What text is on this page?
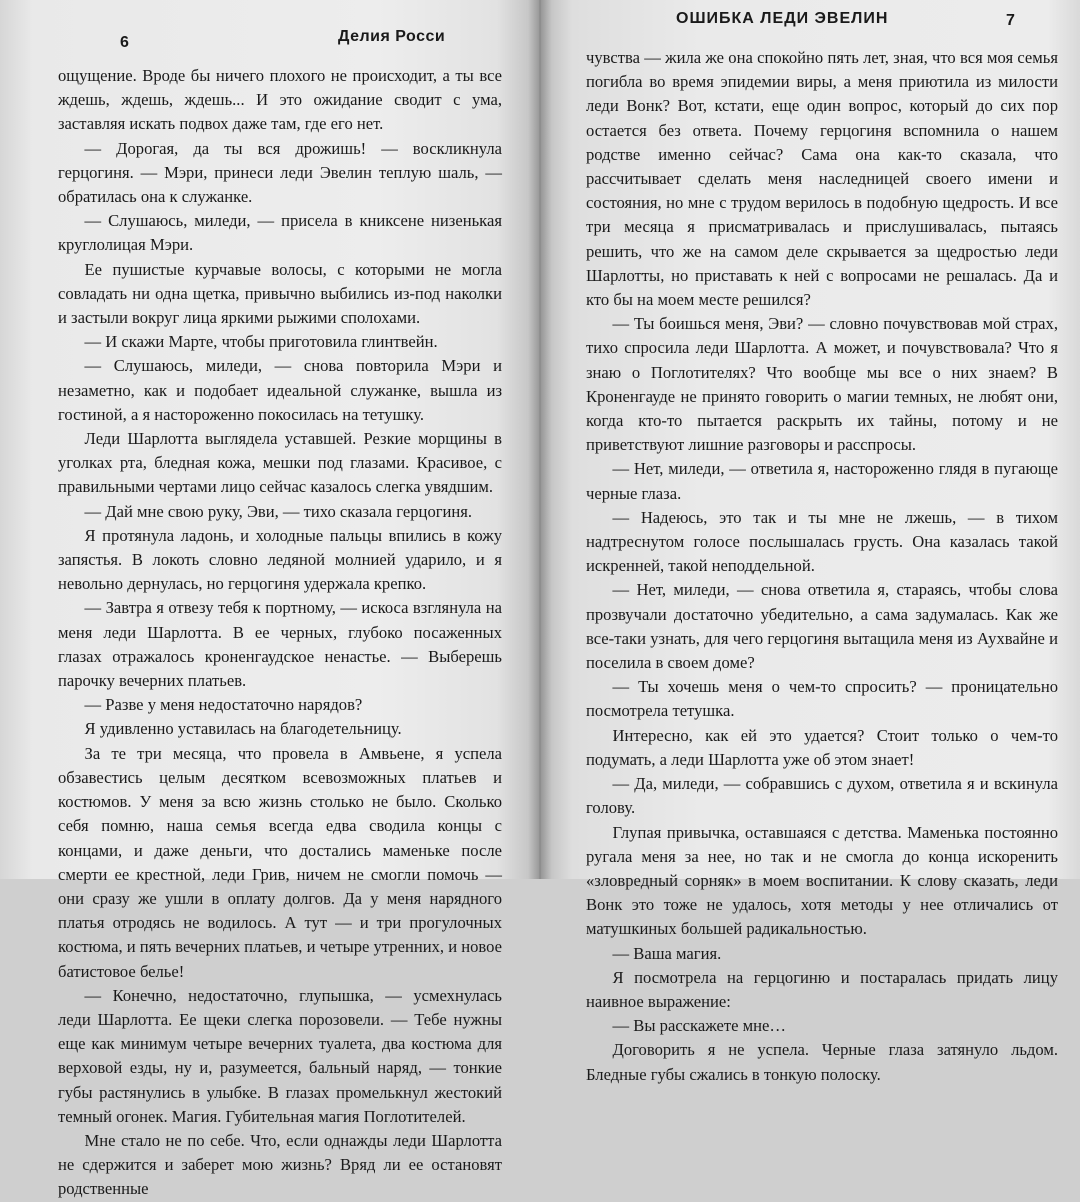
6	Делия Росси

ощущение. Вроде бы ничего плохого не происходит, а ты все ждешь, ждешь, ждешь... И это ожидание сводит с ума, заставляя искать подвох даже там, где его нет.

— Дорогая, да ты вся дрожишь! — воскликнула герцогиня. — Мэри, принеси леди Эвелин теплую шаль, — обратилась она к служанке.

— Слушаюсь, миледи, — присела в книксене низенькая круглолицая Мэри.

Ее пушистые курчавые волосы, с которыми не могла совладать ни одна щетка, привычно выбились из-под наколки и застыли вокруг лица яркими рыжими сполохами.

— И скажи Марте, чтобы приготовила глинтвейн.

— Слушаюсь, миледи, — снова повторила Мэри и незаметно, как и подобает идеальной служанке, вышла из гостиной, а я настороженно покосилась на тетушку.

Леди Шарлотта выглядела уставшей. Резкие морщины в уголках рта, бледная кожа, мешки под глазами. Красивое, с правильными чертами лицо сейчас казалось слегка увядшим.

— Дай мне свою руку, Эви, — тихо сказала герцогиня.

Я протянула ладонь, и холодные пальцы впились в кожу запястья. В локоть словно ледяной молнией ударило, и я невольно дернулась, но герцогиня удержала крепко.

— Завтра я отвезу тебя к портному, — искоса взглянула на меня леди Шарлотта. В ее черных, глубоко посаженных глазах отражалось кроненгаудское ненастье. — Выберешь парочку вечерних платьев.

— Разве у меня недостаточно нарядов?

Я удивленно уставилась на благодетельницу.

За те три месяца, что провела в Амвьене, я успела обзавестись целым десятком всевозможных платьев и костюмов. У меня за всю жизнь столько не было. Сколько себя помню, наша семья всегда едва сводила концы с концами, и даже деньги, что достались маменьке после смерти ее крестной, леди Грив, ничем не смогли помочь — они сразу же ушли в оплату долгов. Да у меня нарядного платья отродясь не водилось. А тут — и три прогулочных костюма, и пять вечерних платьев, и четыре утренних, и новое батистовое белье!

— Конечно, недостаточно, глупышка, — усмехнулась леди Шарлотта. Ее щеки слегка порозовели. — Тебе нужны еще как минимум четыре вечерних туалета, два костюма для верховой езды, ну и, разумеется, бальный наряд, — тонкие губы растянулись в улыбке. В глазах промелькнул жестокий темный огонек. Магия. Губительная магия Поглотителей.

Мне стало не по себе. Что, если однажды леди Шарлотта не сдержится и заберет мою жизнь? Вряд ли ее остановят родственные

ОШИБКА ЛЕДИ ЭВЕЛИН	7

чувства — жила же она спокойно пять лет, зная, что вся моя семья погибла во время эпидемии виры, а меня приютила из милости леди Вонк? Вот, кстати, еще один вопрос, который до сих пор остается без ответа. Почему герцогиня вспомнила о нашем родстве именно сейчас? Сама она как-то сказала, что рассчитывает сделать меня наследницей своего имени и состояния, но мне с трудом верилось в подобную щедрость. И все три месяца я присматривалась и прислушивалась, пытаясь решить, что же на самом деле скрывается за щедростью леди Шарлотты, но приставать к ней с вопросами не решалась. Да и кто бы на моем месте решился?

— Ты боишься меня, Эви? — словно почувствовав мой страх, тихо спросила леди Шарлотта. А может, и почувствовала? Что я знаю о Поглотителях? Что вообще мы все о них знаем? В Кроненгауде не принято говорить о магии темных, не любят они, когда кто-то пытается раскрыть их тайны, потому и не приветствуют лишние разговоры и расспросы.

— Нет, миледи, — ответила я, настороженно глядя в пугающе черные глаза.

— Надеюсь, это так и ты мне не лжешь, — в тихом надтреснутом голосе послышалась грусть. Она казалась такой искренней, такой неподдельной.

— Нет, миледи, — снова ответила я, стараясь, чтобы слова прозвучали достаточно убедительно, а сама задумалась. Как же все-таки узнать, для чего герцогиня вытащила меня из Аухвайне и поселила в своем доме?

— Ты хочешь меня о чем-то спросить? — проницательно посмотрела тетушка.

Интересно, как ей это удается? Стоит только о чем-то подумать, а леди Шарлотта уже об этом знает!

— Да, миледи, — собравшись с духом, ответила я и вскинула голову.

Глупая привычка, оставшаяся с детства. Маменька постоянно ругала меня за нее, но так и не смогла до конца искоренить «зловредный сорняк» в моем воспитании. К слову сказать, леди Вонк это тоже не удалось, хотя методы у нее отличались от матушкиных большей радикальностью.

— Ваша магия.

Я посмотрела на герцогиню и постаралась придать лицу наивное выражение:

— Вы расскажете мне…

Договорить я не успела. Черные глаза затянуло льдом. Бледные губы сжались в тонкую полоску.
